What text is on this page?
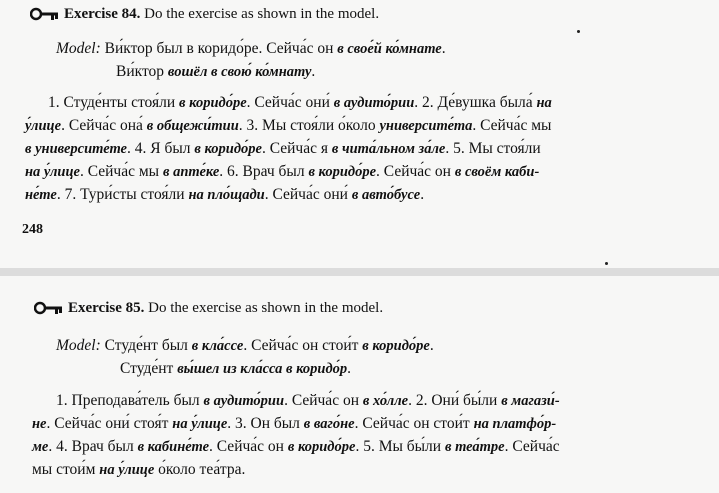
Exercise 84. Do the exercise as shown in the model.
Model: Ви́ктор был в коридо́ре. Сейча́с он в свое́й ко́мнате.
Ви́ктор вошёл в свою́ ко́мнату.
1. Студе́нты стоя́ли в коридо́ре. Сейча́с они́ в аудито́рии. 2. Де́вушка была́ на
у́лице. Сейча́с она́ в общежи́тии. 3. Мы стоя́ли о́коло университе́та. Сейча́с мы
в университе́те. 4. Я был в коридо́ре. Сейча́с я в чита́льном за́ле. 5. Мы стоя́ли
на у́лице. Сейча́с мы в апте́ке. 6. Врач был в коридо́ре. Сейча́с он в своём каби-
не́те. 7. Тури́сты стоя́ли на пло́щади. Сейча́с они́ в авто́бусе.
248
Exercise 85. Do the exercise as shown in the model.
Model: Студе́нт был в кла́ссе. Сейча́с он стои́т в коридо́ре.
Студе́нт вы́шел из кла́сса в коридо́р.
1. Преподава́тель был в аудито́рии. Сейча́с он в хо́лле. 2. Они́ бы́ли в магази́-
не. Сейча́с они́ стоя́т на у́лице. 3. Он был в ваго́не. Сейча́с он стои́т на платфо́р-
ме. 4. Врач был в кабине́те. Сейча́с он в коридо́ре. 5. Мы бы́ли в теа́тре. Сейча́с
мы стои́м на у́лице о́коло теа́тра.
